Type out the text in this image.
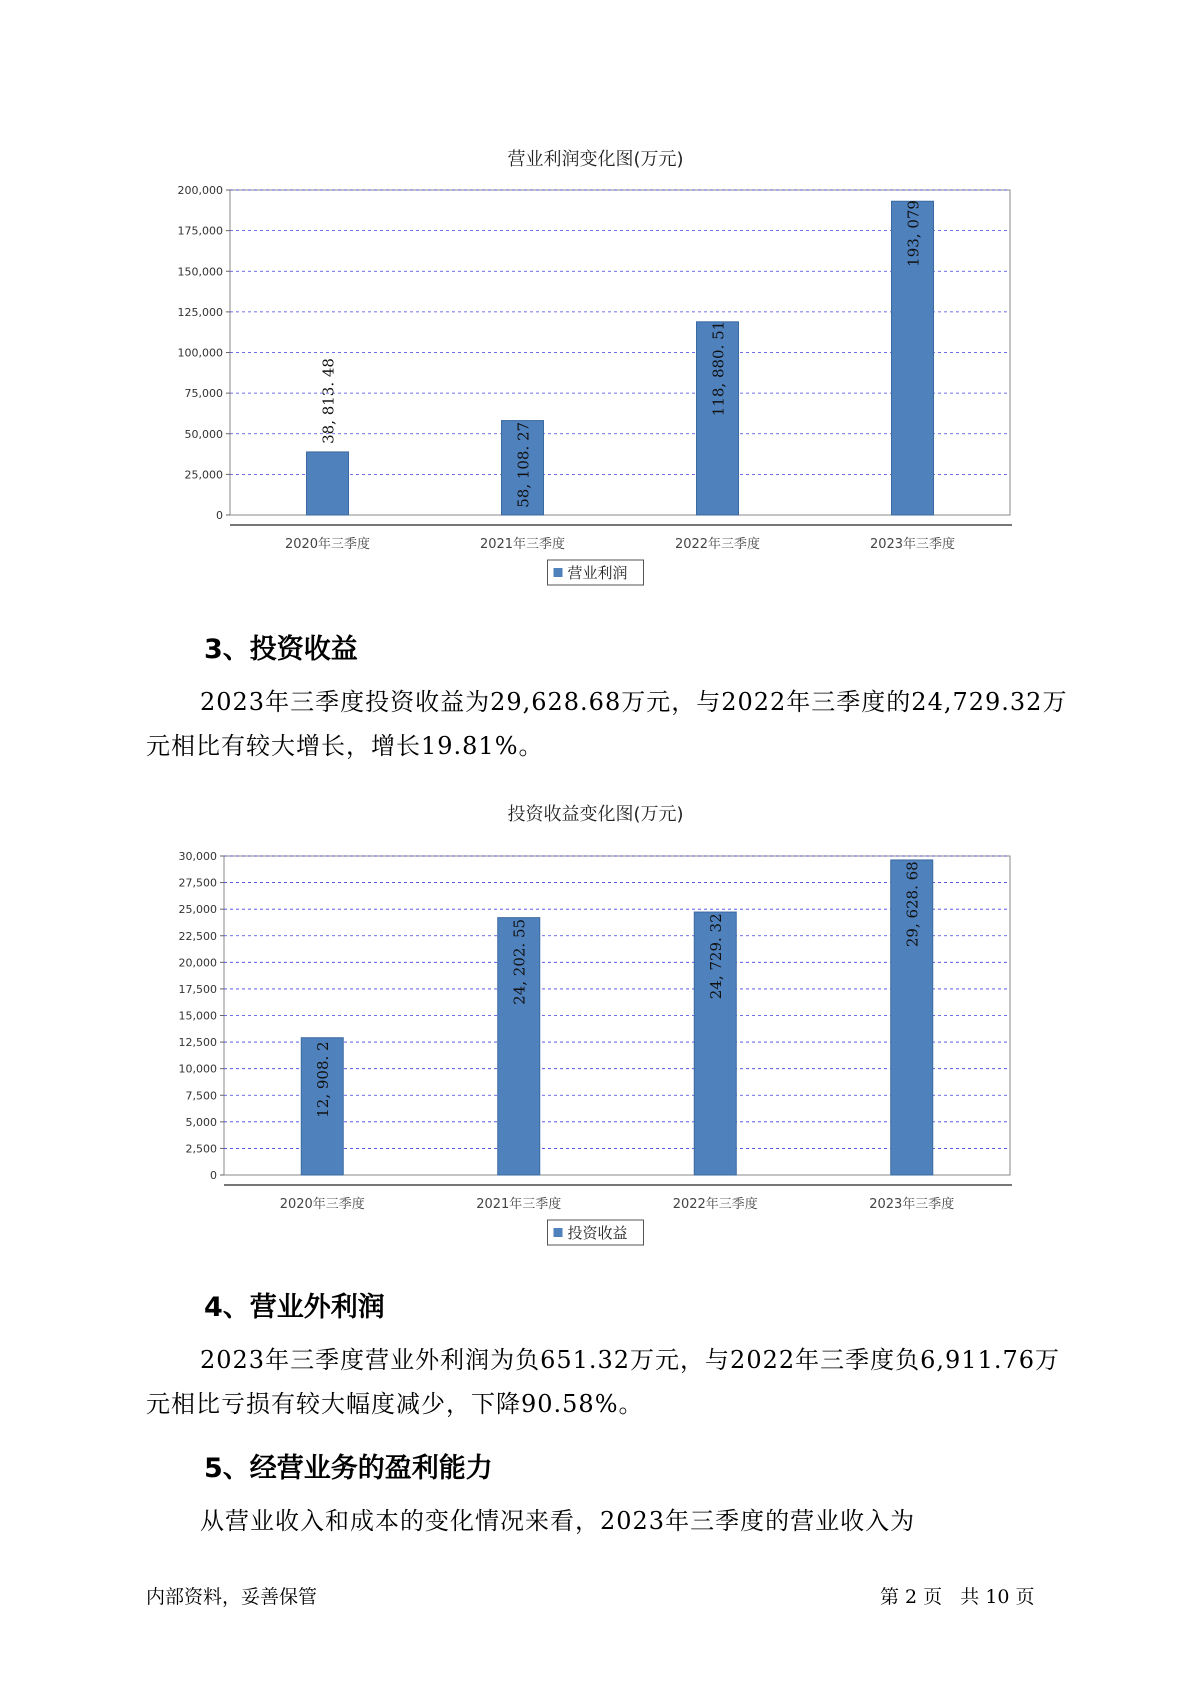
营业利润变化图(万元)
0
25,000
50,000
75,000
100,000
125,000
150,000
175,000
200,000
38, 813. 48
2020年三季度
58, 108. 27
2021年三季度
118, 880. 51
2022年三季度
193, 079
2023年三季度
营业利润
3、投资收益
2023年三季度投资收益为29,628.68万元，与2022年三季度的24,729.32万元相比有较大增长，增长19.81%。
投资收益变化图(万元)
0
2,500
5,000
7,500
10,000
12,500
15,000
17,500
20,000
22,500
25,000
27,500
30,000
12, 908. 2
2020年三季度
24, 202. 55
2021年三季度
24, 729. 32
2022年三季度
29, 628. 68
2023年三季度
投资收益
4、营业外利润
2023年三季度营业外利润为负651.32万元，与2022年三季度负6,911.76万元相比亏损有较大幅度减少，下降90.58%。
5、经营业务的盈利能力
从营业收入和成本的变化情况来看，2023年三季度的营业收入为
内部资料，妥善保管	第 2 页   共 10 页
